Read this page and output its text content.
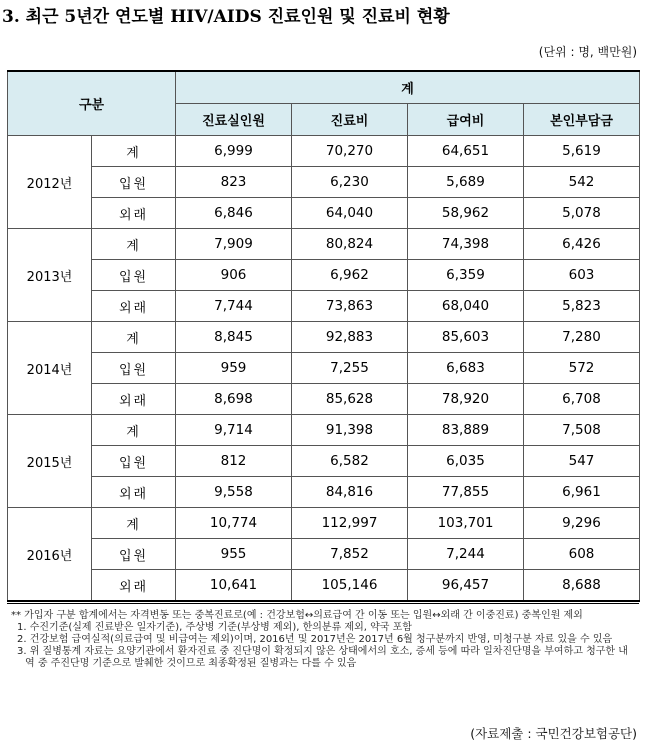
3. 최근 5년간 연도별 HIV/AIDS 진료인원 및 진료비 현황
(단위 : 명, 백만원)
구분		계			
		진료실인원	진료비	급여비	본인부담금
2012년	계	6,999	70,270	64,651	5,619
	입원	823	6,230	5,689	542
	외래	6,846	64,040	58,962	5,078
2013년	계	7,909	80,824	74,398	6,426
	입원	906	6,962	6,359	603
	외래	7,744	73,863	68,040	5,823
2014년	계	8,845	92,883	85,603	7,280
	입원	959	7,255	6,683	572
	외래	8,698	85,628	78,920	6,708
2015년	계	9,714	91,398	83,889	7,508
	입원	812	6,582	6,035	547
	외래	9,558	84,816	77,855	6,961
2016년	계	10,774	112,997	103,701	9,296
	입원	955	7,852	7,244	608
	외래	10,641	105,146	96,457	8,688

** 가입자 구분 합계에서는 자격변동 또는 중복진료로(예 : 건강보험↔의료급여 간 이동 또는 입원↔외래 간 이중진료) 중복인원 제외

1. 수진기준(실제 진료받은 일자기준), 주상병 기준(부상병 제외), 한의분류 제외, 약국 포함

2. 건강보험 급여실적(의료급여 및 비급여는 제외)이며, 2016년 및 2017년은 2017년 6월 청구분까지 반영, 미청구분 자료 있을 수 있음

3. 위 질병통계 자료는 요양기관에서 환자진료 중 진단명이 확정되지 않은 상태에서의 호소, 증세 등에 따라 일차진단명을 부여하고 청구한 내역 중 주진단명 기준으로 발췌한 것이므로 최종확정된 질병과는 다를 수 있음

(자료제출 : 국민건강보험공단)
